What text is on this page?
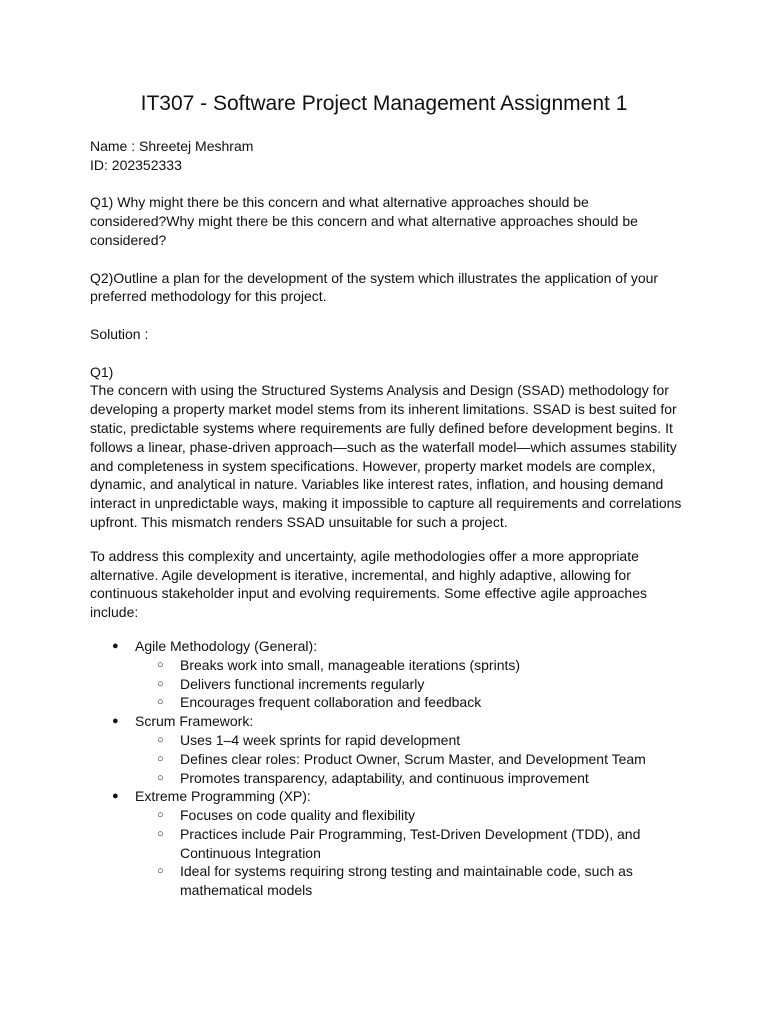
IT307 - Software Project Management Assignment 1
Name : Shreetej Meshram
ID: 202352333

Q1) Why might there be this concern and what alternative approaches should be
considered?Why might there be this concern and what alternative approaches should be
considered?

Q2)Outline a plan for the development of the system which illustrates the application of your
preferred methodology for this project.

Solution :
Q1)

The concern with using the Structured Systems Analysis and Design (SSAD) methodology for
developing a property market model stems from its inherent limitations. SSAD is best suited for
static, predictable systems where requirements are fully defined before development begins. It
follows a linear, phase-driven approach—such as the waterfall model—which assumes stability
and completeness in system specifications. However, property market models are complex,
dynamic, and analytical in nature. Variables like interest rates, inflation, and housing demand
interact in unpredictable ways, making it impossible to capture all requirements and correlations
upfront. This mismatch renders SSAD unsuitable for such a project.

To address this complexity and uncertainty, agile methodologies offer a more appropriate
alternative. Agile development is iterative, incremental, and highly adaptive, allowing for
continuous stakeholder input and evolving requirements. Some effective agile approaches
include:

● Agile Methodology (General):
○ Breaks work into small, manageable iterations (sprints)
○ Delivers functional increments regularly
○ Encourages frequent collaboration and feedback
● Scrum Framework:
○ Uses 1–4 week sprints for rapid development
○ Defines clear roles: Product Owner, Scrum Master, and Development Team
○ Promotes transparency, adaptability, and continuous improvement
● Extreme Programming (XP):
○ Focuses on code quality and flexibility
○ Practices include Pair Programming, Test-Driven Development (TDD), and
Continuous Integration
○ Ideal for systems requiring strong testing and maintainable code, such as
mathematical models
